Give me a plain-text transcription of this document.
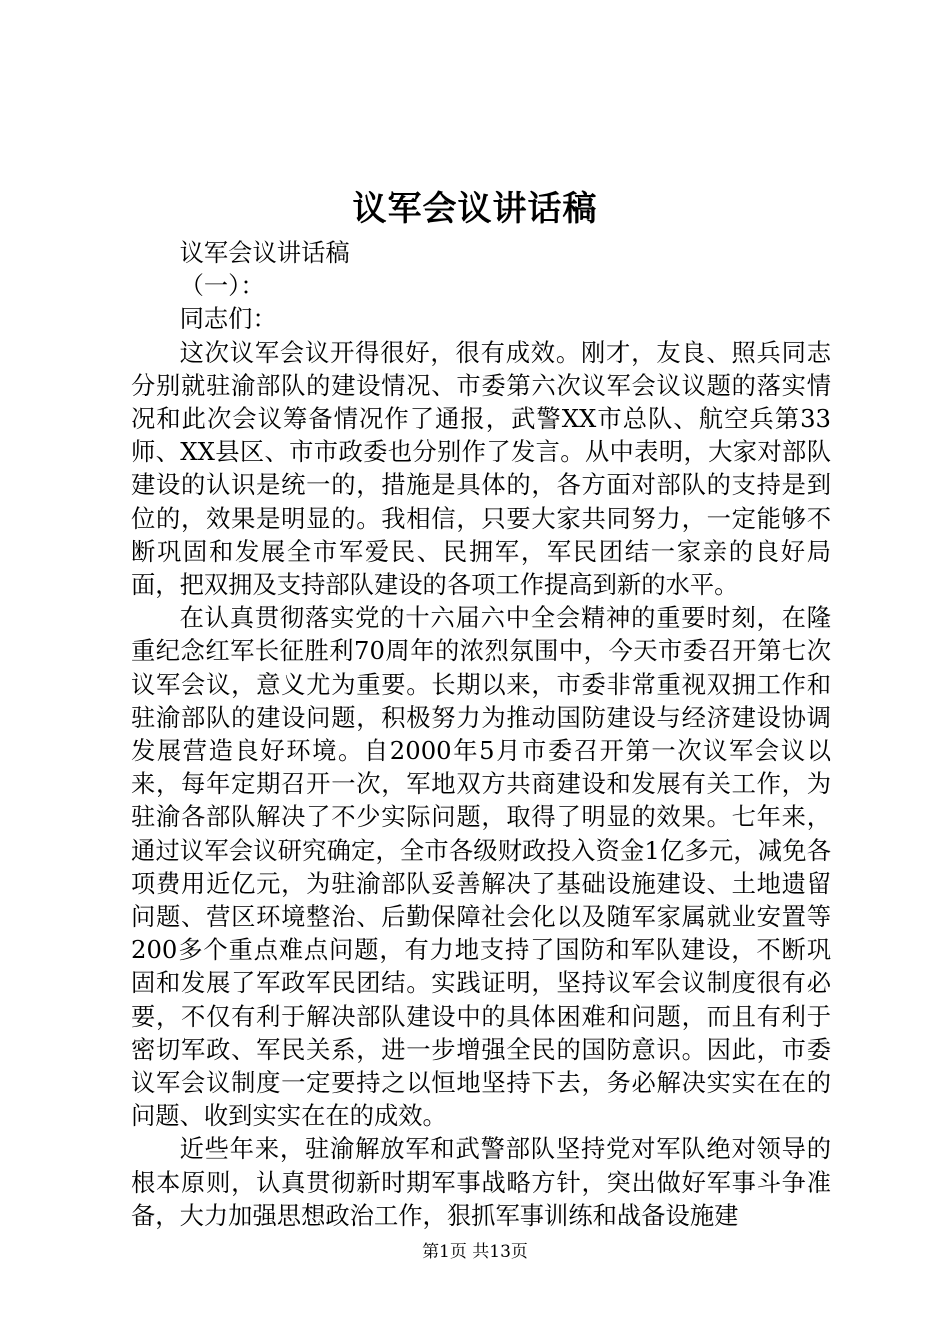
议军会议讲话稿

议军会议讲话稿

（一）：

同志们：

这次议军会议开得很好，很有成效。刚才，友良、照兵同志分别就驻渝部队的建设情况、市委第六次议军会议议题的落实情况和此次会议筹备情况作了通报，武警XX市总队、航空兵第33师、XX县区、市市政委也分别作了发言。从中表明，大家对部队建设的认识是统一的，措施是具体的，各方面对部队的支持是到位的，效果是明显的。我相信，只要大家共同努力，一定能够不断巩固和发展全市军爱民、民拥军，军民团结一家亲的良好局面，把双拥及支持部队建设的各项工作提高到新的水平。

在认真贯彻落实党的十六届六中全会精神的重要时刻，在隆重纪念红军长征胜利70周年的浓烈氛围中，今天市委召开第七次议军会议，意义尤为重要。长期以来，市委非常重视双拥工作和驻渝部队的建设问题，积极努力为推动国防建设与经济建设协调发展营造良好环境。自2000年5月市委召开第一次议军会议以来，每年定期召开一次，军地双方共商建设和发展有关工作，为驻渝各部队解决了不少实际问题，取得了明显的效果。七年来，通过议军会议研究确定，全市各级财政投入资金1亿多元，减免各项费用近亿元，为驻渝部队妥善解决了基础设施建设、土地遗留问题、营区环境整治、后勤保障社会化以及随军家属就业安置等200多个重点难点问题，有力地支持了国防和军队建设，不断巩固和发展了军政军民团结。实践证明，坚持议军会议制度很有必要，不仅有利于解决部队建设中的具体困难和问题，而且有利于密切军政、军民关系，进一步增强全民的国防意识。因此，市委议军会议制度一定要持之以恒地坚持下去，务必解决实实在在的问题、收到实实在在的成效。

近些年来，驻渝解放军和武警部队坚持党对军队绝对领导的根本原则，认真贯彻新时期军事战略方针，突出做好军事斗争准备，大力加强思想政治工作，狠抓军事训练和战备设施建

第1页 共13页
